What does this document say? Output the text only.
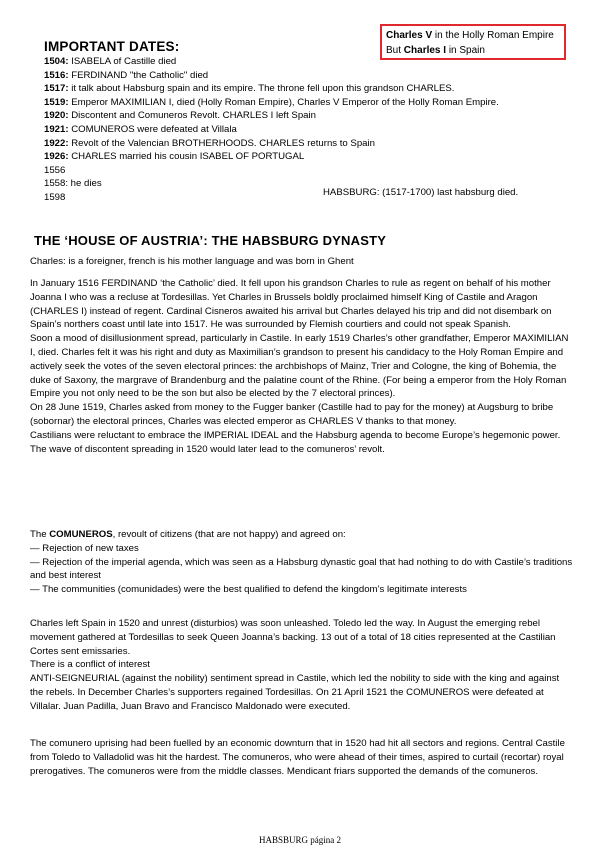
Charles V in the Holly Roman Empire
But Charles I in Spain
IMPORTANT DATES:
1504: ISABELA of Castille died
1516: FERDINAND "the Catholic" died
1517: it talk about Habsburg spain and its empire. The throne fell upon this grandson CHARLES.
1519: Emperor MAXIMILIAN I, died (Holly Roman Empire), Charles V Emperor of the Holly Roman Empire.
1920: Discontent and Comuneros Revolt. CHARLES I left Spain
1921: COMUNEROS were defeated at Villala
1922: Revolt of the Valencian BROTHERHOODS. CHARLES returns to Spain
1926: CHARLES married his cousin ISABEL OF PORTUGAL
1556
1558: he dies
1598	HABSBURG: (1517-1700) last habsburg died.
THE ‘HOUSE OF AUSTRIA’: THE HABSBURG DYNASTY
Charles: is a foreigner, french is his mother language and was born in Ghent

In January 1516 FERDINAND ‘the Catholic’ died. It fell upon his grandson Charles to rule as regent on behalf of his mother Joanna I who was a recluse at Tordesillas. Yet Charles in Brussels boldly proclaimed himself King of Castile and Aragon (CHARLES I) instead of regent. Cardinal Cisneros awaited his arrival but Charles delayed his trip and did not disembark on Spain’s northers coast until late into 1517. He was surrounded by Flemish courtiers and could not speak Spanish.

Soon a mood of disillusionment spread, particularly in Castile. In early 1519 Charles’s other grandfather, Emperor MAXIMILIAN I, died. Charles felt it was his right and duty as Maximilian’s grandson to present his candidacy to the Holy Roman Empire and actively seek the votes of the seven electoral princes: the archbishops of Mainz, Trier and Cologne, the king of Bohemia, the duke of Saxony, the margrave of Brandenburg and the palatine count of the Rhine. (For being a emperor from the Holy Roman Empire you not only need to be the son but also be elected by the 7 electoral princes).

On 28 June 1519, Charles asked from money to the Fugger banker (Castille had to pay for the money) at Augsburg to bribe (sobornar) the electoral princes, Charles was elected emperor as CHARLES V thanks to that money.

Castilians were reluctant to embrace the IMPERIAL IDEAL and the Habsburg agenda to become Europe’s hegemonic power. The wave of discontent spreading in 1520 would later lead to the comuneros’ revolt.

The COMUNEROS, revoult of citizens (that are not happy) and agreed on:

— Rejection of new taxes

— Rejection of the imperial agenda, which was seen as a Habsburg dynastic goal that had nothing to do with Castile’s traditions and best interest

— The communities (comunidades) were the best qualified to defend the kingdom’s legitimate interests

Charles left Spain in 1520 and unrest (disturbios) was soon unleashed. Toledo led the way. In August the emerging rebel movement gathered at Tordesillas to seek Queen Joanna’s backing. 13 out of a total of 18 cities represented at the Castilian Cortes sent emissaries.

There is a conflict of interest

ANTI-SEIGNEURIAL (against the nobility) sentiment spread in Castile, which led the nobility to side with the king and against the rebels. In December Charles’s supporters regained Tordesillas. On 21 April 1521 the COMUNEROS were defeated at Villalar. Juan Padilla, Juan Bravo and Francisco Maldonado were executed.

The comunero uprising had been fuelled by an economic downturn that in 1520 had hit all sectors and regions. Central Castile from Toledo to Valladolid was hit the hardest. The comuneros, who were ahead of their times, aspired to curtail (recortar) royal prerogatives. The comuneros were from the middle classes. Mendicant friars supported the demands of the comuneros.

HABSBURG página 2
